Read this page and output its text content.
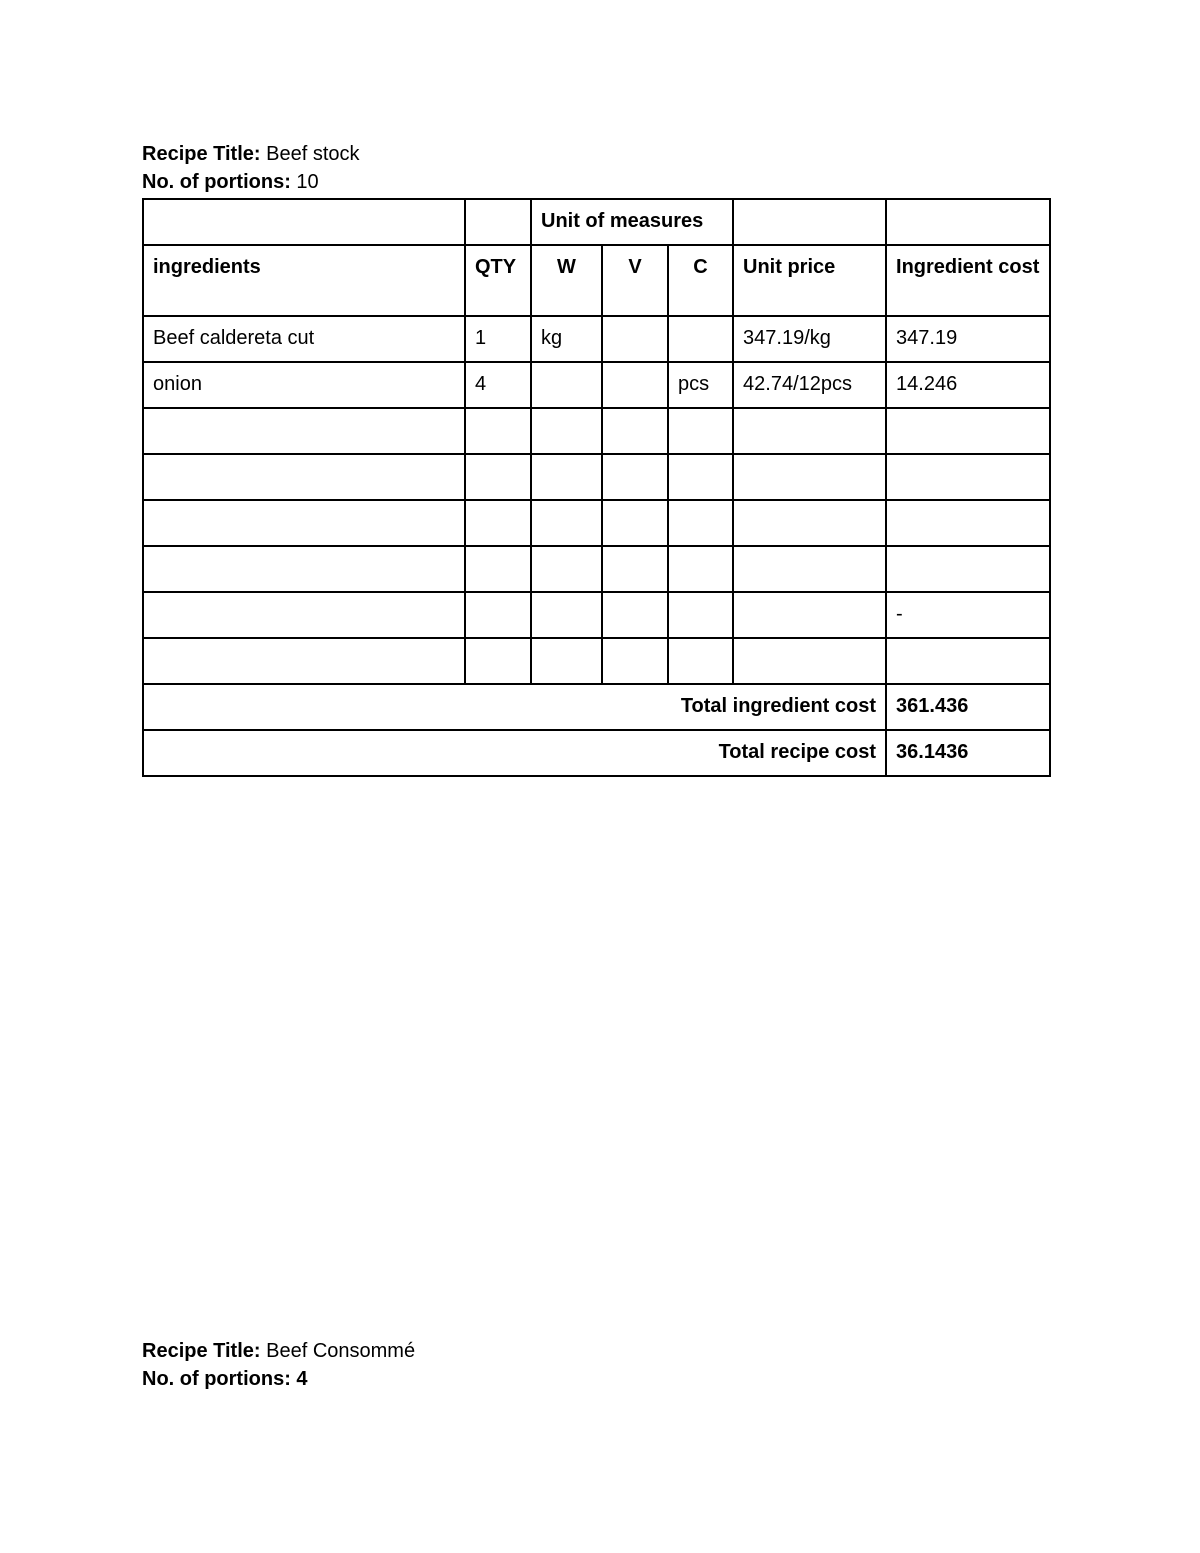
Recipe Title: Beef stock
No. of portions: 10
		Unit of measures				
ingredients	QTY	W	V	C	Unit price	Ingredient cost
Beef caldereta cut	1	kg			347.19/kg	347.19
onion	4			pcs	42.74/12pcs	14.246

						-

Total ingredient cost						361.436
Total recipe cost						36.1436
Recipe Title: Beef Consommé
No. of portions: 4
